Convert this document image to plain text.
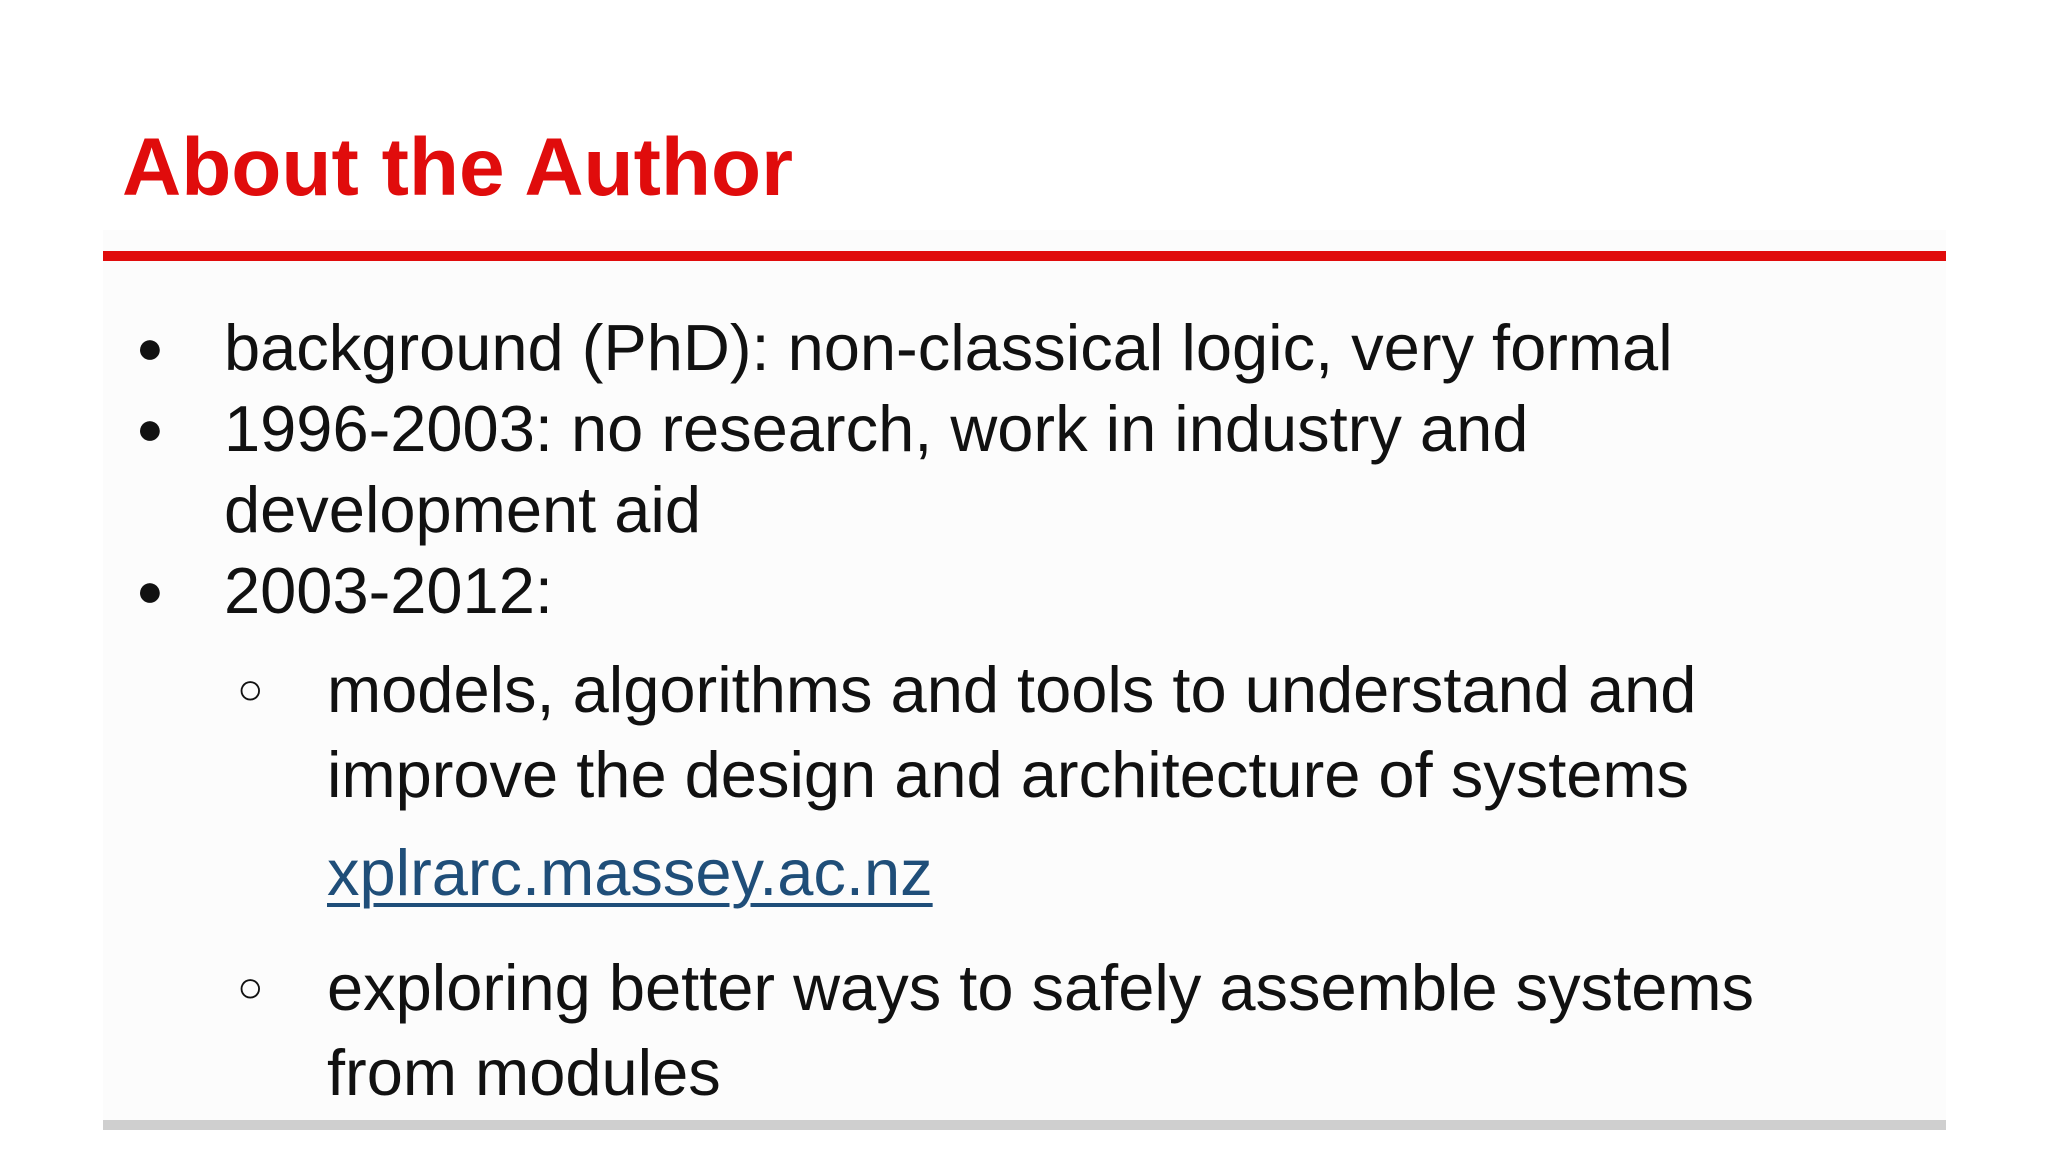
About the Author
● background (PhD): non-classical logic, very formal
● 1996-2003: no research, work in industry and
development aid
● 2003-2012:
○ models, algorithms and tools to understand and
improve the design and architecture of systems
xplrarc.massey.ac.nz
○ exploring better ways to safely assemble systems
from modules
